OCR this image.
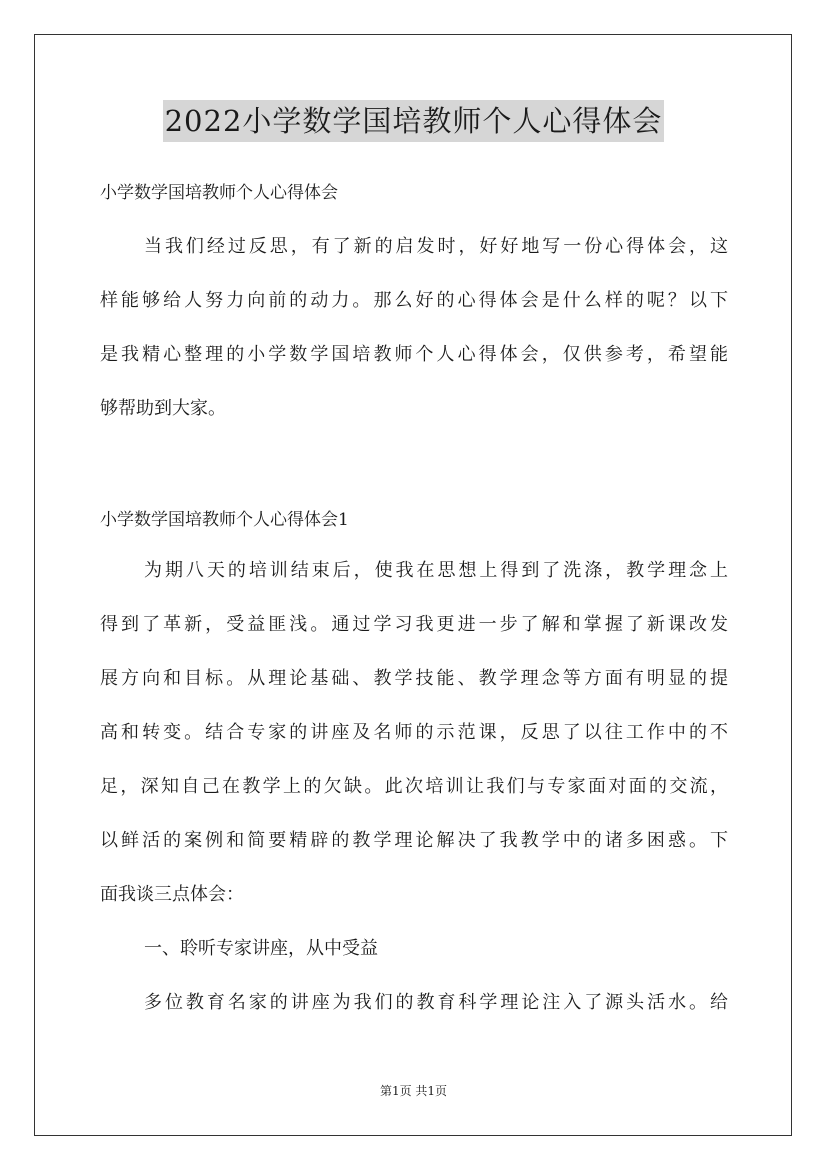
2022小学数学国培教师个人心得体会
小学数学国培教师个人心得体会
当我们经过反思，有了新的启发时，好好地写一份心得体会，这
样能够给人努力向前的动力。那么好的心得体会是什么样的呢？以下
是我精心整理的小学数学国培教师个人心得体会，仅供参考，希望能
够帮助到大家。
小学数学国培教师个人心得体会1
为期八天的培训结束后，使我在思想上得到了洗涤，教学理念上
得到了革新，受益匪浅。通过学习我更进一步了解和掌握了新课改发
展方向和目标。从理论基础、教学技能、教学理念等方面有明显的提
高和转变。结合专家的讲座及名师的示范课，反思了以往工作中的不
足，深知自己在教学上的欠缺。此次培训让我们与专家面对面的交流，
以鲜活的案例和简要精辟的教学理论解决了我教学中的诸多困惑。下
面我谈三点体会：
一、聆听专家讲座，从中受益
多位教育名家的讲座为我们的教育科学理论注入了源头活水。给
第1页 共1页
